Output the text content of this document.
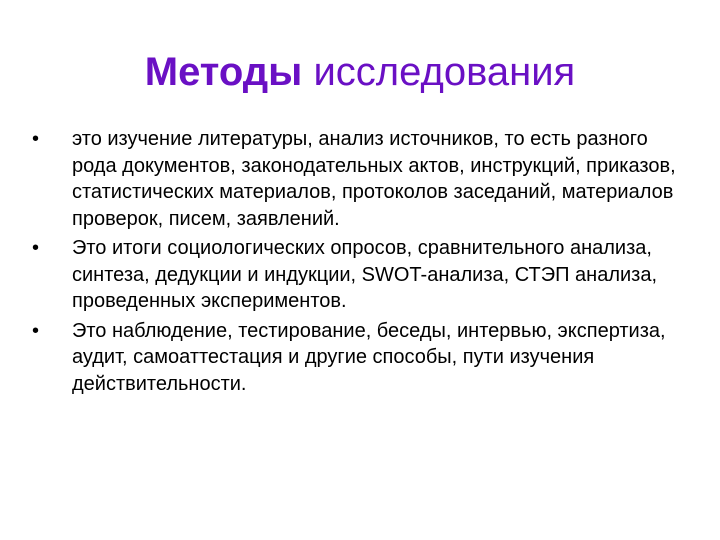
Методы исследования
• это изучение литературы, анализ источников, то есть разного рода документов, законодательных актов, инструкций, приказов, статистических материалов, протоколов заседаний, материалов проверок, писем, заявлений.
• Это итоги социологических опросов, сравнительного анализа, синтеза, дедукции и индукции, SWOT-анализа, СТЭП анализа, проведенных экспериментов.
• Это наблюдение, тестирование, беседы, интервью, экспертиза, аудит, самоаттестация и другие способы, пути изучения действительности.
